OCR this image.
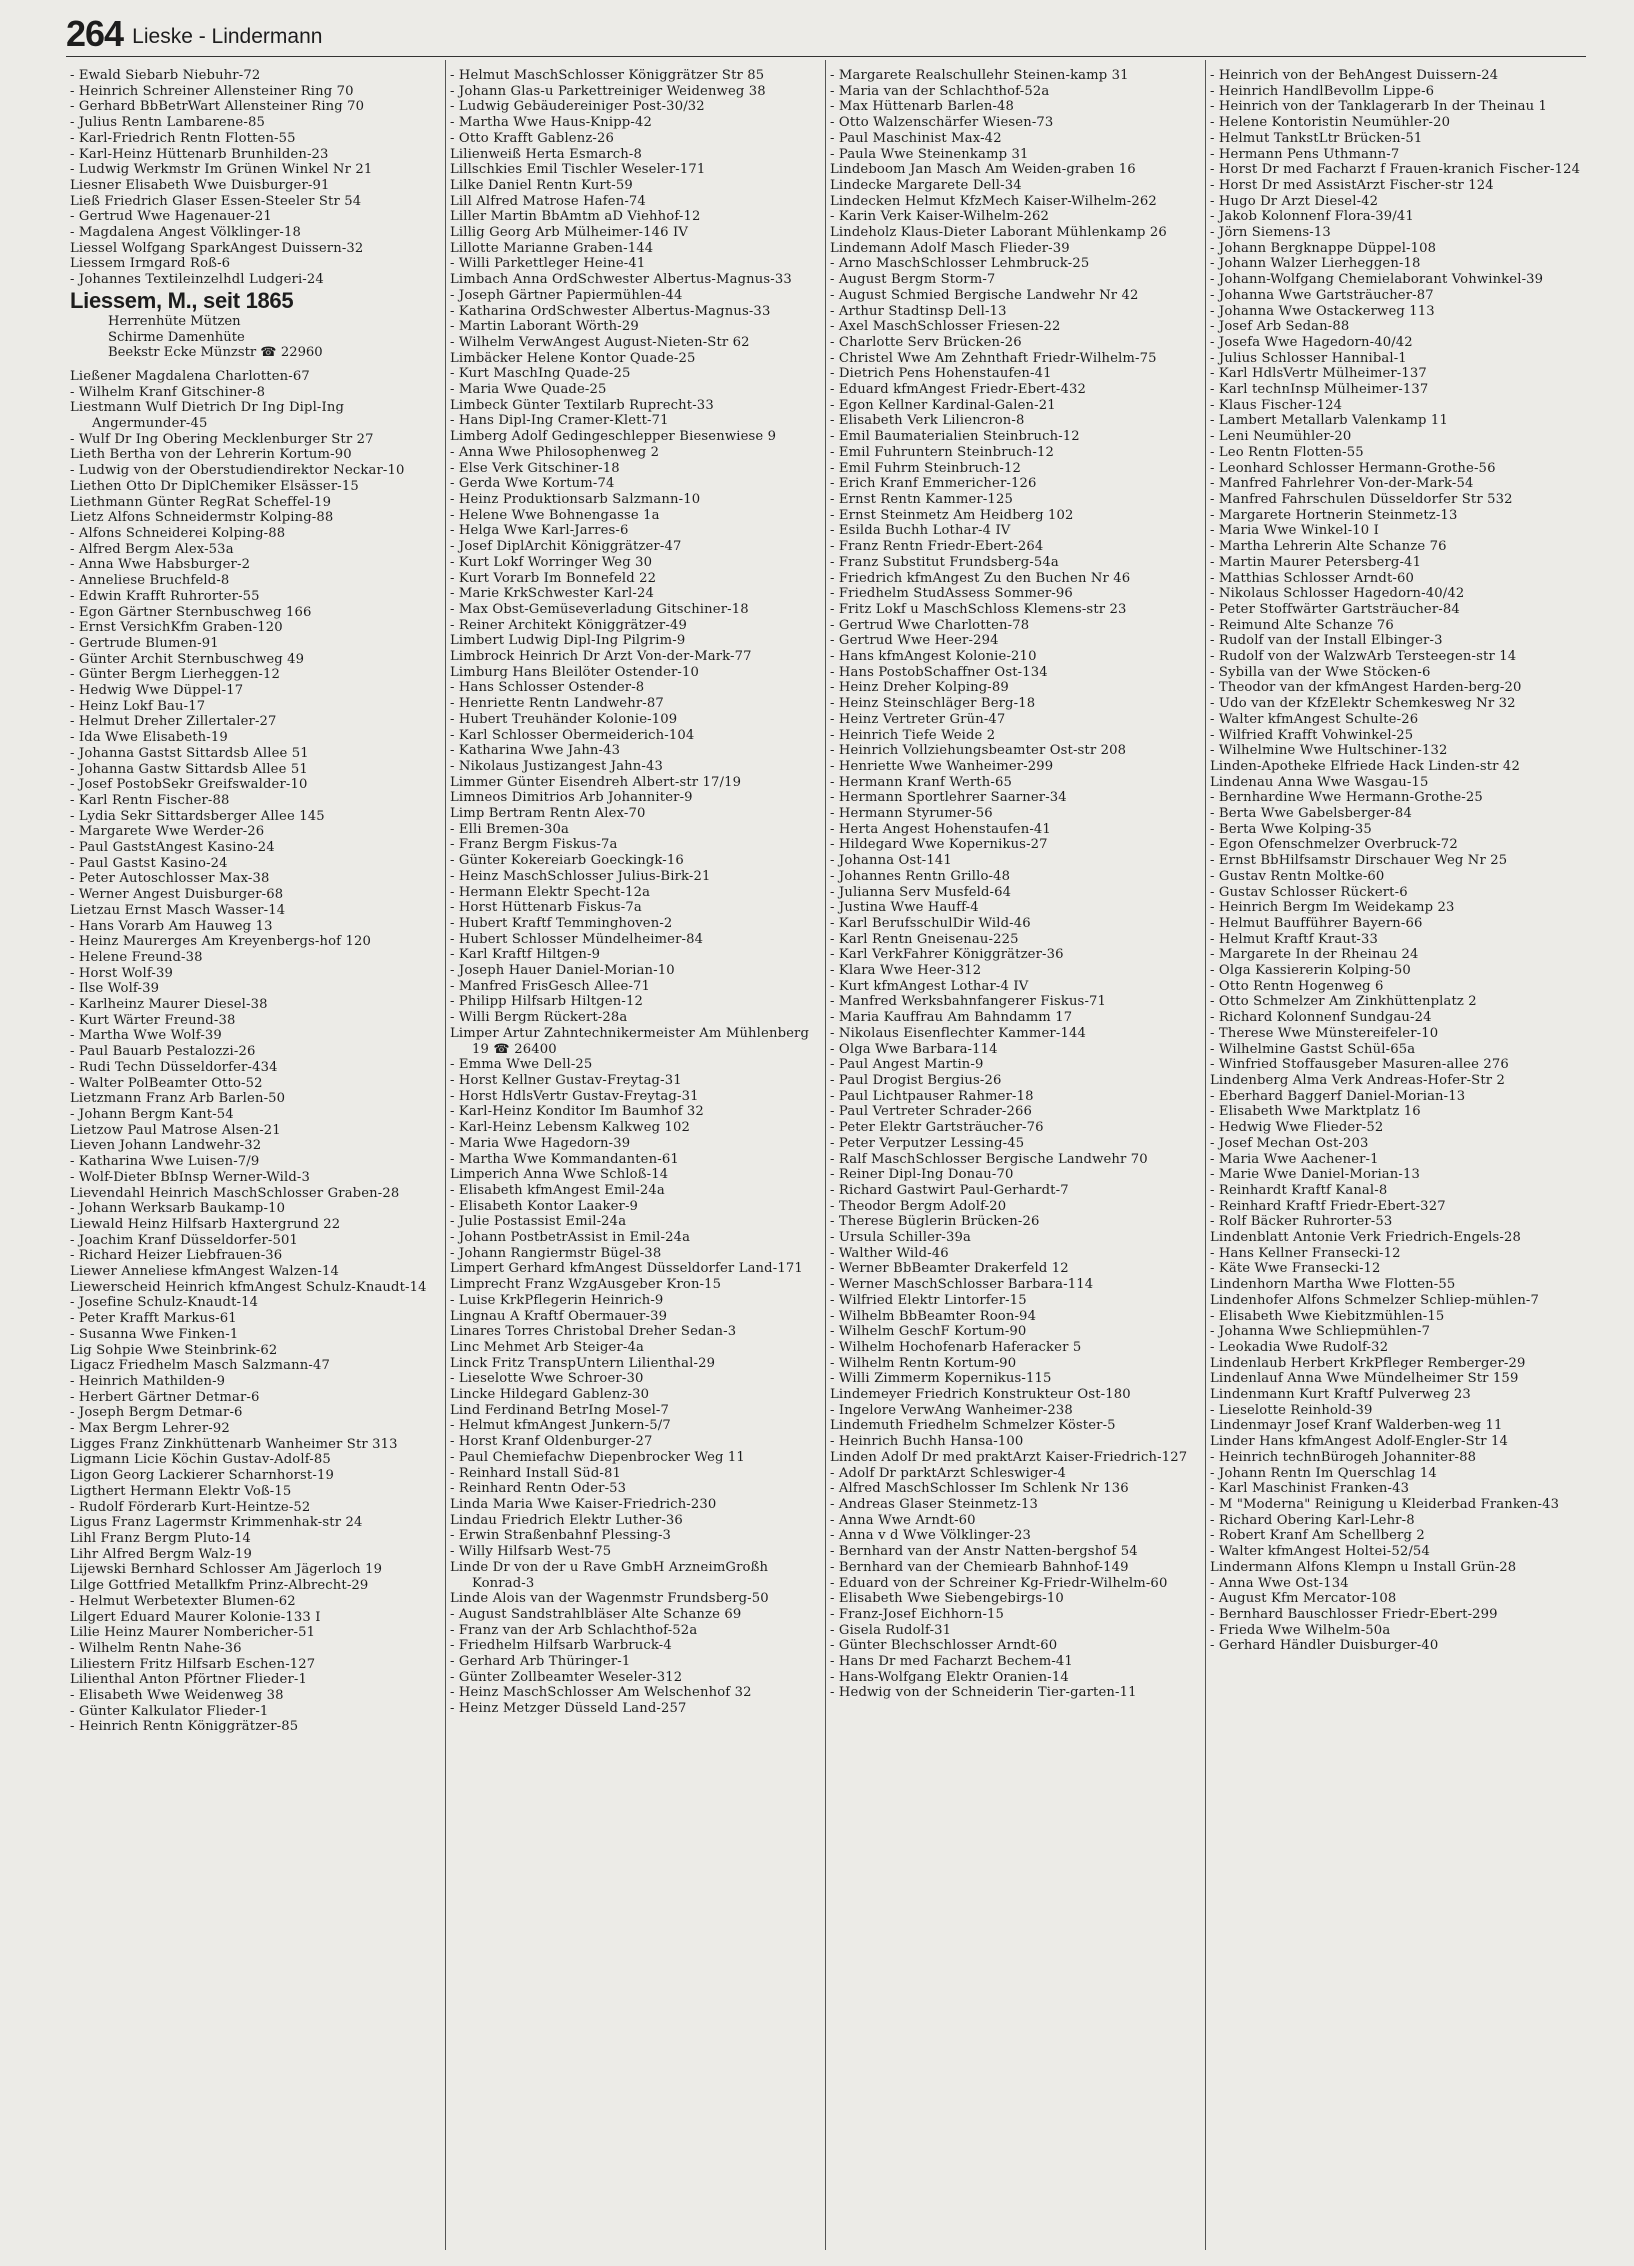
264 Lieske - Lindermann
- Ewald Siebarb Niebuhr-72
- Heinrich Schreiner Allensteiner Ring 70
- Gerhard BbBetrWart Allensteiner Ring 70
- Julius Rentn Lambarene-85
- Karl-Friedrich Rentn Flotten-55
- Karl-Heinz Hüttenarb Brunhilden-23
- Ludwig Werkmstr Im Grünen Winkel Nr 21
Liesner Elisabeth Wwe Duisburger-91
Ließ Friedrich Glaser Essen-Steeler Str 54
- Gertrud Wwe Hagenauer-21
- Magdalena Angest Völklinger-18
Liessel Wolfgang SparkAngest Duissern-32
Liessem Irmgard Roß-6
- Johannes Textileinzelhdl Ludgeri-24
Liessem, M., seit 1865
Herrenhüte Mützen
Schirme Damenhüte
Beekstr Ecke Münzstr ☎ 22960
Ließener Magdalena Charlotten-67
- Wilhelm Kranf Gitschiner-8
Liestmann Wulf Dietrich Dr Ing Dipl-Ing Angermunder-45
- Wulf Dr Ing Obering Mecklenburger Str 27
Lieth Bertha von der Lehrerin Kortum-90
- Ludwig von der Oberstudiendirektor Neckar-10
Liethen Otto Dr DiplChemiker Elsässer-15
Liethmann Günter RegRat Scheffel-19
Lietz Alfons Schneidermstr Kolping-88
- Alfons Schneiderei Kolping-88
- Alfred Bergm Alex-53a
- Anna Wwe Habsburger-2
- Anneliese Bruchfeld-8
- Edwin Krafft Ruhrorter-55
- Egon Gärtner Sternbuschweg 166
- Ernst VersichKfm Graben-120
- Gertrude Blumen-91
- Günter Archit Sternbuschweg 49
- Günter Bergm Lierheggen-12
- Hedwig Wwe Düppel-17
- Heinz Lokf Bau-17
- Helmut Dreher Zillertaler-27
- Ida Wwe Elisabeth-19
- Johanna Gastst Sittardsb Allee 51
- Johanna Gastw Sittardsb Allee 51
- Josef PostobSekr Greifswalder-10
- Karl Rentn Fischer-88
- Lydia Sekr Sittardsberger Allee 145
- Margarete Wwe Werder-26
- Paul GaststAngest Kasino-24
- Paul Gastst Kasino-24
- Peter Autoschlosser Max-38
- Werner Angest Duisburger-68
Lietzau Ernst Masch Wasser-14
- Hans Vorarb Am Hauweg 13
- Heinz Maurerges Am Kreyenbergs-hof 120
- Helene Freund-38
- Horst Wolf-39
- Ilse Wolf-39
- Karlheinz Maurer Diesel-38
- Kurt Wärter Freund-38
- Martha Wwe Wolf-39
- Paul Bauarb Pestalozzi-26
- Rudi Techn Düsseldorfer-434
- Walter PolBeamter Otto-52
Lietzmann Franz Arb Barlen-50
- Johann Bergm Kant-54
Lietzow Paul Matrose Alsen-21
Lieven Johann Landwehr-32
- Katharina Wwe Luisen-7/9
- Wolf-Dieter BbInsp Werner-Wild-3
Lievendahl Heinrich MaschSchlosser Graben-28
- Johann Werksarb Baukamp-10
Liewald Heinz Hilfsarb Haxtergrund 22
- Joachim Kranf Düsseldorfer-501
- Richard Heizer Liebfrauen-36
Liewer Anneliese kfmAngest Walzen-14
Liewerscheid Heinrich kfmAngest Schulz-Knaudt-14
- Josefine Schulz-Knaudt-14
- Peter Krafft Markus-61
- Susanna Wwe Finken-1
Lig Sohpie Wwe Steinbrink-62
Ligacz Friedhelm Masch Salzmann-47
- Heinrich Mathilden-9
- Herbert Gärtner Detmar-6
- Joseph Bergm Detmar-6
- Max Bergm Lehrer-92
Ligges Franz Zinkhüttenarb Wanheimer Str 313
Ligmann Licie Köchin Gustav-Adolf-85
Ligon Georg Lackierer Scharnhorst-19
Ligthert Hermann Elektr Voß-15
- Rudolf Förderarb Kurt-Heintze-52
Ligus Franz Lagermstr Krimmenhak-str 24
Lihl Franz Bergm Pluto-14
Lihr Alfred Bergm Walz-19
Lijewski Bernhard Schlosser Am Jägerloch 19
Lilge Gottfried Metallkfm Prinz-Albrecht-29
- Helmut Werbetexter Blumen-62
Lilgert Eduard Maurer Kolonie-133 I
Lilie Heinz Maurer Nombericher-51
- Wilhelm Rentn Nahe-36
Liliestern Fritz Hilfsarb Eschen-127
Lilienthal Anton Pförtner Flieder-1
- Elisabeth Wwe Weidenweg 38
- Günter Kalkulator Flieder-1
- Heinrich Rentn Königgrätzer-85
- Helmut MaschSchlosser Königgrätzer Str 85
- Johann Glas-u Parkettreiniger Weidenweg 38
- Ludwig Gebäudereiniger Post-30/32
- Martha Wwe Haus-Knipp-42
- Otto Krafft Gablenz-26
Lilienweiß Herta Esmarch-8
Lillschkies Emil Tischler Weseler-171
Lilke Daniel Rentn Kurt-59
Lill Alfred Matrose Hafen-74
Liller Martin BbAmtm aD Viehhof-12
Lillig Georg Arb Mülheimer-146 IV
Lillotte Marianne Graben-144
- Willi Parkettleger Heine-41
Limbach Anna OrdSchwester Albertus-Magnus-33
- Joseph Gärtner Papiermühlen-44
- Katharina OrdSchwester Albertus-Magnus-33
- Martin Laborant Wörth-29
- Wilhelm VerwAngest August-Nieten-Str 62
Limbäcker Helene Kontor Quade-25
- Kurt MaschIng Quade-25
- Maria Wwe Quade-25
Limbeck Günter Textilarb Ruprecht-33
- Hans Dipl-Ing Cramer-Klett-71
Limberg Adolf Gedingeschlepper Biesenwiese 9
- Anna Wwe Philosophenweg 2
- Else Verk Gitschiner-18
- Gerda Wwe Kortum-74
- Heinz Produktionsarb Salzmann-10
- Helene Wwe Bohnengasse 1a
- Helga Wwe Karl-Jarres-6
- Josef DiplArchit Königgrätzer-47
- Kurt Lokf Worringer Weg 30
- Kurt Vorarb Im Bonnefeld 22
- Marie KrkSchwester Karl-24
- Max Obst-Gemüseverladung Gitschiner-18
- Reiner Architekt Königgrätzer-49
Limbert Ludwig Dipl-Ing Pilgrim-9
Limbrock Heinrich Dr Arzt Von-der-Mark-77
Limburg Hans Bleilöter Ostender-10
- Hans Schlosser Ostender-8
- Henriette Rentn Landwehr-87
- Hubert Treuhänder Kolonie-109
- Karl Schlosser Obermeiderich-104
- Katharina Wwe Jahn-43
- Nikolaus Justizangest Jahn-43
Limmer Günter Eisendreh Albert-str 17/19
Limneos Dimitrios Arb Johanniter-9
Limp Bertram Rentn Alex-70
- Elli Bremen-30a
- Franz Bergm Fiskus-7a
- Günter Kokereiarb Goeckingk-16
- Heinz MaschSchlosser Julius-Birk-21
- Hermann Elektr Specht-12a
- Horst Hüttenarb Fiskus-7a
- Hubert Kraftf Temminghoven-2
- Hubert Schlosser Mündelheimer-84
- Karl Kraftf Hiltgen-9
- Joseph Hauer Daniel-Morian-10
- Manfred FrisGesch Allee-71
- Philipp Hilfsarb Hiltgen-12
- Willi Bergm Rückert-28a
Limper Artur Zahntechnikermeister Am Mühlenberg 19 ☎ 26400
- Emma Wwe Dell-25
- Horst Kellner Gustav-Freytag-31
- Horst HdlsVertr Gustav-Freytag-31
- Karl-Heinz Konditor Im Baumhof 32
- Karl-Heinz Lebensm Kalkweg 102
- Maria Wwe Hagedorn-39
- Martha Wwe Kommandanten-61
Limperich Anna Wwe Schloß-14
- Elisabeth kfmAngest Emil-24a
- Elisabeth Kontor Laaker-9
- Julie Postassist Emil-24a
- Johann PostbetrAssist in Emil-24a
- Johann Rangiermstr Bügel-38
Limpert Gerhard kfmAngest Düsseldorfer Land-171
Limprecht Franz WzgAusgeber Kron-15
- Luise KrkPflegerin Heinrich-9
Lingnau A Kraftf Obermauer-39
Linares Torres Christobal Dreher Sedan-3
Linc Mehmet Arb Steiger-4a
Linck Fritz TranspUntern Lilienthal-29
- Lieselotte Wwe Schroer-30
Lincke Hildegard Gablenz-30
Lind Ferdinand BetrIng Mosel-7
- Helmut kfmAngest Junkern-5/7
- Horst Kranf Oldenburger-27
- Paul Chemiefachw Diepenbrocker Weg 11
- Reinhard Install Süd-81
- Reinhard Rentn Oder-53
Linda Maria Wwe Kaiser-Friedrich-230
Lindau Friedrich Elektr Luther-36
- Erwin Straßenbahnf Plessing-3
- Willy Hilfsarb West-75
Linde Dr von der u Rave GmbH ArzneimGroßh Konrad-3
Linde Alois van der Wagenmstr Frundsberg-50
- August Sandstrahlbläser Alte Schanze 69
- Franz van der Arb Schlachthof-52a
- Friedhelm Hilfsarb Warbruck-4
- Gerhard Arb Thüringer-1
- Günter Zollbeamter Weseler-312
- Heinz MaschSchlosser Am Welschenhof 32
- Heinz Metzger Düsseld Land-257
- Margarete Realschullehr Steinen-kamp 31
- Maria van der Schlachthof-52a
- Max Hüttenarb Barlen-48
- Otto Walzenschärfer Wiesen-73
- Paul Maschinist Max-42
- Paula Wwe Steinenkamp 31
Lindeboom Jan Masch Am Weiden-graben 16
Lindecke Margarete Dell-34
Lindecken Helmut KfzMech Kaiser-Wilhelm-262
- Karin Verk Kaiser-Wilhelm-262
Lindeholz Klaus-Dieter Laborant Mühlenkamp 26
Lindemann Adolf Masch Flieder-39
- Arno MaschSchlosser Lehmbruck-25
- August Bergm Storm-7
- August Schmied Bergische Landwehr Nr 42
- Arthur Stadtinsp Dell-13
- Axel MaschSchlosser Friesen-22
- Charlotte Serv Brücken-26
- Christel Wwe Am Zehnthaft Friedr-Wilhelm-75
- Dietrich Pens Hohenstaufen-41
- Eduard kfmAngest Friedr-Ebert-432
- Egon Kellner Kardinal-Galen-21
- Elisabeth Verk Liliencron-8
- Emil Baumaterialien Steinbruch-12
- Emil Fuhruntern Steinbruch-12
- Emil Fuhrm Steinbruch-12
- Erich Kranf Emmericher-126
- Ernst Rentn Kammer-125
- Ernst Steinmetz Am Heidberg 102
- Esilda Buchh Lothar-4 IV
- Franz Rentn Friedr-Ebert-264
- Franz Substitut Frundsberg-54a
- Friedrich kfmAngest Zu den Buchen Nr 46
- Friedhelm StudAssess Sommer-96
- Fritz Lokf u MaschSchloss Klemens-str 23
- Gertrud Wwe Charlotten-78
- Gertrud Wwe Heer-294
- Hans kfmAngest Kolonie-210
- Hans PostobSchaffner Ost-134
- Heinz Dreher Kolping-89
- Heinz Steinschläger Berg-18
- Heinz Vertreter Grün-47
- Heinrich Tiefe Weide 2
- Heinrich Vollziehungsbeamter Ost-str 208
- Henriette Wwe Wanheimer-299
- Hermann Kranf Werth-65
- Hermann Sportlehrer Saarner-34
- Hermann Styrumer-56
- Herta Angest Hohenstaufen-41
- Hildegard Wwe Kopernikus-27
- Johanna Ost-141
- Johannes Rentn Grillo-48
- Julianna Serv Musfeld-64
- Justina Wwe Hauff-4
- Karl BerufsschulDir Wild-46
- Karl Rentn Gneisenau-225
- Karl VerkFahrer Königgrätzer-36
- Klara Wwe Heer-312
- Kurt kfmAngest Lothar-4 IV
- Manfred Werksbahnfangerer Fiskus-71
- Maria Kauffrau Am Bahndamm 17
- Nikolaus Eisenflechter Kammer-144
- Olga Wwe Barbara-114
- Paul Angest Martin-9
- Paul Drogist Bergius-26
- Paul Lichtpauser Rahmer-18
- Paul Vertreter Schrader-266
- Peter Elektr Gartsträucher-76
- Peter Verputzer Lessing-45
- Ralf MaschSchlosser Bergische Landwehr 70
- Reiner Dipl-Ing Donau-70
- Richard Gastwirt Paul-Gerhardt-7
- Theodor Bergm Adolf-20
- Therese Büglerin Brücken-26
- Ursula Schiller-39a
- Walther Wild-46
- Werner BbBeamter Drakerfeld 12
- Werner MaschSchlosser Barbara-114
- Wilfried Elektr Lintorfer-15
- Wilhelm BbBeamter Roon-94
- Wilhelm GeschF Kortum-90
- Wilhelm Hochofenarb Haferacker 5
- Wilhelm Rentn Kortum-90
- Willi Zimmerm Kopernikus-115
Lindemeyer Friedrich Konstrukteur Ost-180
- Ingelore VerwAng Wanheimer-238
Lindemuth Friedhelm Schmelzer Köster-5
- Heinrich Buchh Hansa-100
Linden Adolf Dr med praktArzt Kaiser-Friedrich-127
- Adolf Dr parktArzt Schleswiger-4
- Alfred MaschSchlosser Im Schlenk Nr 136
- Andreas Glaser Steinmetz-13
- Anna Wwe Arndt-60
- Anna v d Wwe Völklinger-23
- Bernhard van der Anstr Natten-bergshof 54
- Bernhard van der Chemiearb Bahnhof-149
- Eduard von der Schreiner Kg-Friedr-Wilhelm-60
- Elisabeth Wwe Siebengebirgs-10
- Franz-Josef Eichhorn-15
- Gisela Rudolf-31
- Günter Blechschlosser Arndt-60
- Hans Dr med Facharzt Bechem-41
- Hans-Wolfgang Elektr Oranien-14
- Hedwig von der Schneiderin Tier-garten-11
- Heinrich von der BehAngest Duissern-24
- Heinrich HandlBevollm Lippe-6
- Heinrich von der Tanklagerarb In der Theinau 1
- Helene Kontoristin Neumühler-20
- Helmut TankstLtr Brücken-51
- Hermann Pens Uthmann-7
- Horst Dr med Facharzt f Frauen-kranich Fischer-124
- Horst Dr med AssistArzt Fischer-str 124
- Hugo Dr Arzt Diesel-42
- Jakob Kolonnenf Flora-39/41
- Jörn Siemens-13
- Johann Bergknappe Düppel-108
- Johann Walzer Lierheggen-18
- Johann-Wolfgang Chemielaborant Vohwinkel-39
- Johanna Wwe Gartsträucher-87
- Johanna Wwe Ostackerweg 113
- Josef Arb Sedan-88
- Josefa Wwe Hagedorn-40/42
- Julius Schlosser Hannibal-1
- Karl HdlsVertr Mülheimer-137
- Karl technInsp Mülheimer-137
- Klaus Fischer-124
- Lambert Metallarb Valenkamp 11
- Leni Neumühler-20
- Leo Rentn Flotten-55
- Leonhard Schlosser Hermann-Grothe-56
- Manfred Fahrlehrer Von-der-Mark-54
- Manfred Fahrschulen Düsseldorfer Str 532
- Margarete Hortnerin Steinmetz-13
- Maria Wwe Winkel-10 I
- Martha Lehrerin Alte Schanze 76
- Martin Maurer Petersberg-41
- Matthias Schlosser Arndt-60
- Nikolaus Schlosser Hagedorn-40/42
- Peter Stoffwärter Gartsträucher-84
- Reimund Alte Schanze 76
- Rudolf van der Install Elbinger-3
- Rudolf von der WalzwArb Tersteegen-str 14
- Sybilla van der Wwe Stöcken-6
- Theodor van der kfmAngest Harden-berg-20
- Udo van der KfzElektr Schemkesweg Nr 32
- Walter kfmAngest Schulte-26
- Wilfried Krafft Vohwinkel-25
- Wilhelmine Wwe Hultschiner-132
Linden-Apotheke Elfriede Hack Linden-str 42
Lindenau Anna Wwe Wasgau-15
- Bernhardine Wwe Hermann-Grothe-25
- Berta Wwe Gabelsberger-84
- Berta Wwe Kolping-35
- Egon Ofenschmelzer Overbruck-72
- Ernst BbHilfsamstr Dirschauer Weg Nr 25
- Gustav Rentn Moltke-60
- Gustav Schlosser Rückert-6
- Heinrich Bergm Im Weidekamp 23
- Helmut Baufführer Bayern-66
- Helmut Kraftf Kraut-33
- Margarete In der Rheinau 24
- Olga Kassiererin Kolping-50
- Otto Rentn Hogenweg 6
- Otto Schmelzer Am Zinkhüttenplatz 2
- Richard Kolonnenf Sundgau-24
- Therese Wwe Münstereifeler-10
- Wilhelmine Gastst Schül-65a
- Winfried Stoffausgeber Masuren-allee 276
Lindenberg Alma Verk Andreas-Hofer-Str 2
- Eberhard Baggerf Daniel-Morian-13
- Elisabeth Wwe Marktplatz 16
- Hedwig Wwe Flieder-52
- Josef Mechan Ost-203
- Maria Wwe Aachener-1
- Marie Wwe Daniel-Morian-13
- Reinhardt Kraftf Kanal-8
- Reinhard Kraftf Friedr-Ebert-327
- Rolf Bäcker Ruhrorter-53
Lindenblatt Antonie Verk Friedrich-Engels-28
- Hans Kellner Fransecki-12
- Käte Wwe Fransecki-12
Lindenhorn Martha Wwe Flotten-55
Lindenhofer Alfons Schmelzer Schliep-mühlen-7
- Elisabeth Wwe Kiebitzmühlen-15
- Johanna Wwe Schliepmühlen-7
- Leokadia Wwe Rudolf-32
Lindenlaub Herbert KrkPfleger Remberger-29
Lindenlauf Anna Wwe Mündelheimer Str 159
Lindenmann Kurt Kraftf Pulverweg 23
- Lieselotte Reinhold-39
Lindenmayr Josef Kranf Walderben-weg 11
Linder Hans kfmAngest Adolf-Engler-Str 14
- Heinrich technBürogeh Johanniter-88
- Johann Rentn Im Querschlag 14
- Karl Maschinist Franken-43
- M "Moderna" Reinigung u Kleiderbad Franken-43
- Richard Obering Karl-Lehr-8
- Robert Kranf Am Schellberg 2
- Walter kfmAngest Holtei-52/54
Lindermann Alfons Klempn u Install Grün-28
- Anna Wwe Ost-134
- August Kfm Mercator-108
- Bernhard Bauschlosser Friedr-Ebert-299
- Frieda Wwe Wilhelm-50a
- Gerhard Händler Duisburger-40
